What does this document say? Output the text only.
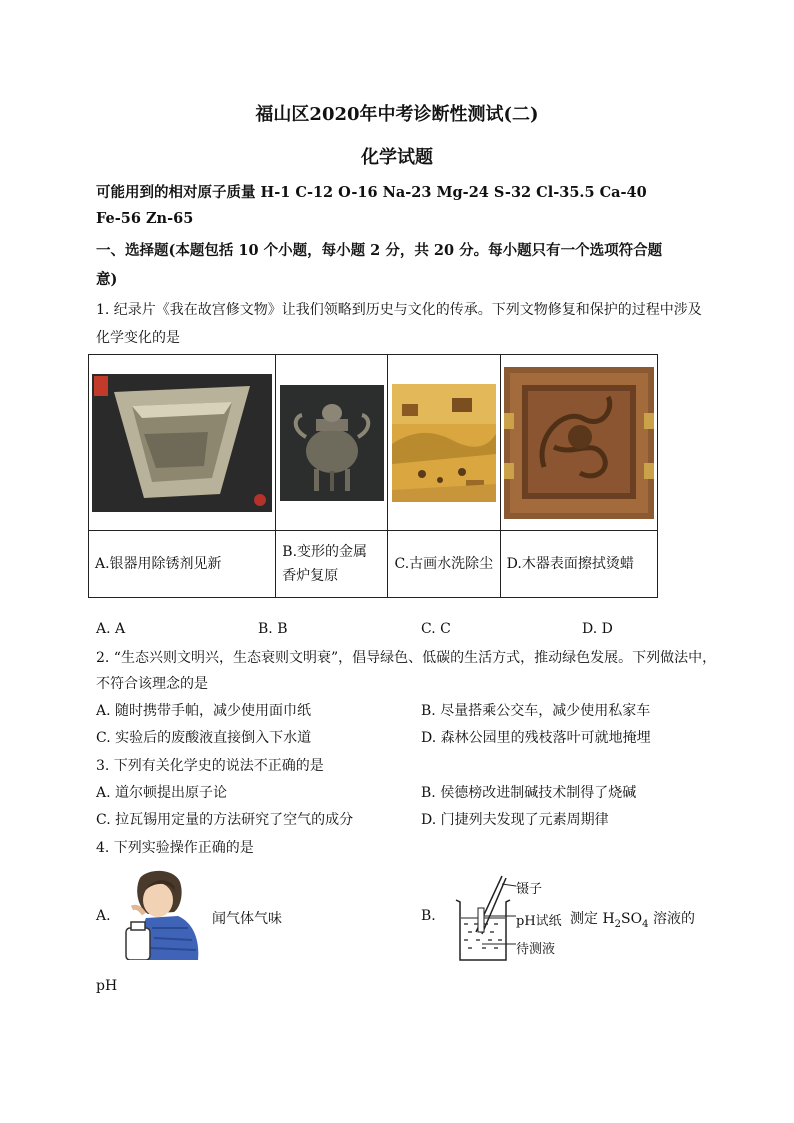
福山区2020年中考诊断性测试(二)
化学试题
可能用到的相对原子质量 H-1 C-12 O-16 Na-23 Mg-24 S-32 Cl-35.5 Ca-40
Fe-56 Zn-65
一、选择题(本题包括 10 个小题，每小题 2 分，共 20 分。每小题只有一个选项符合题
意)
1. 纪录片《我在故宫修文物》让我们领略到历史与文化的传承。下列文物修复和保护的过程中涉及
化学变化的是

A.银器用除锈剂见新	B.变形的金属香炉复原	C.古画水洗除尘	D.木器表面擦拭烫蜡
A. A	B. B	C. C	D. D
2. “生态兴则文明兴，生态衰则文明衰”，倡导绿色、低碳的生活方式，推动绿色发展。下列做法中，
不符合该理念的是
A. 随时携带手帕，减少使用面巾纸	B. 尽量搭乘公交车，减少使用私家车
C. 实验后的废酸液直接倒入下水道	D. 森林公园里的残枝落叶可就地掩埋
3. 下列有关化学史的说法不正确的是
A. 道尔顿提出原子论	B. 侯德榜改进制碱技术制得了烧碱
C. 拉瓦锡用定量的方法研究了空气的成分	D. 门捷列夫发现了元素周期律
4. 下列实验操作正确的是
A.	闻气体气味	B.
镊子
pH试纸
待测液
测定 $H_2SO_4$ 溶液的
pH
